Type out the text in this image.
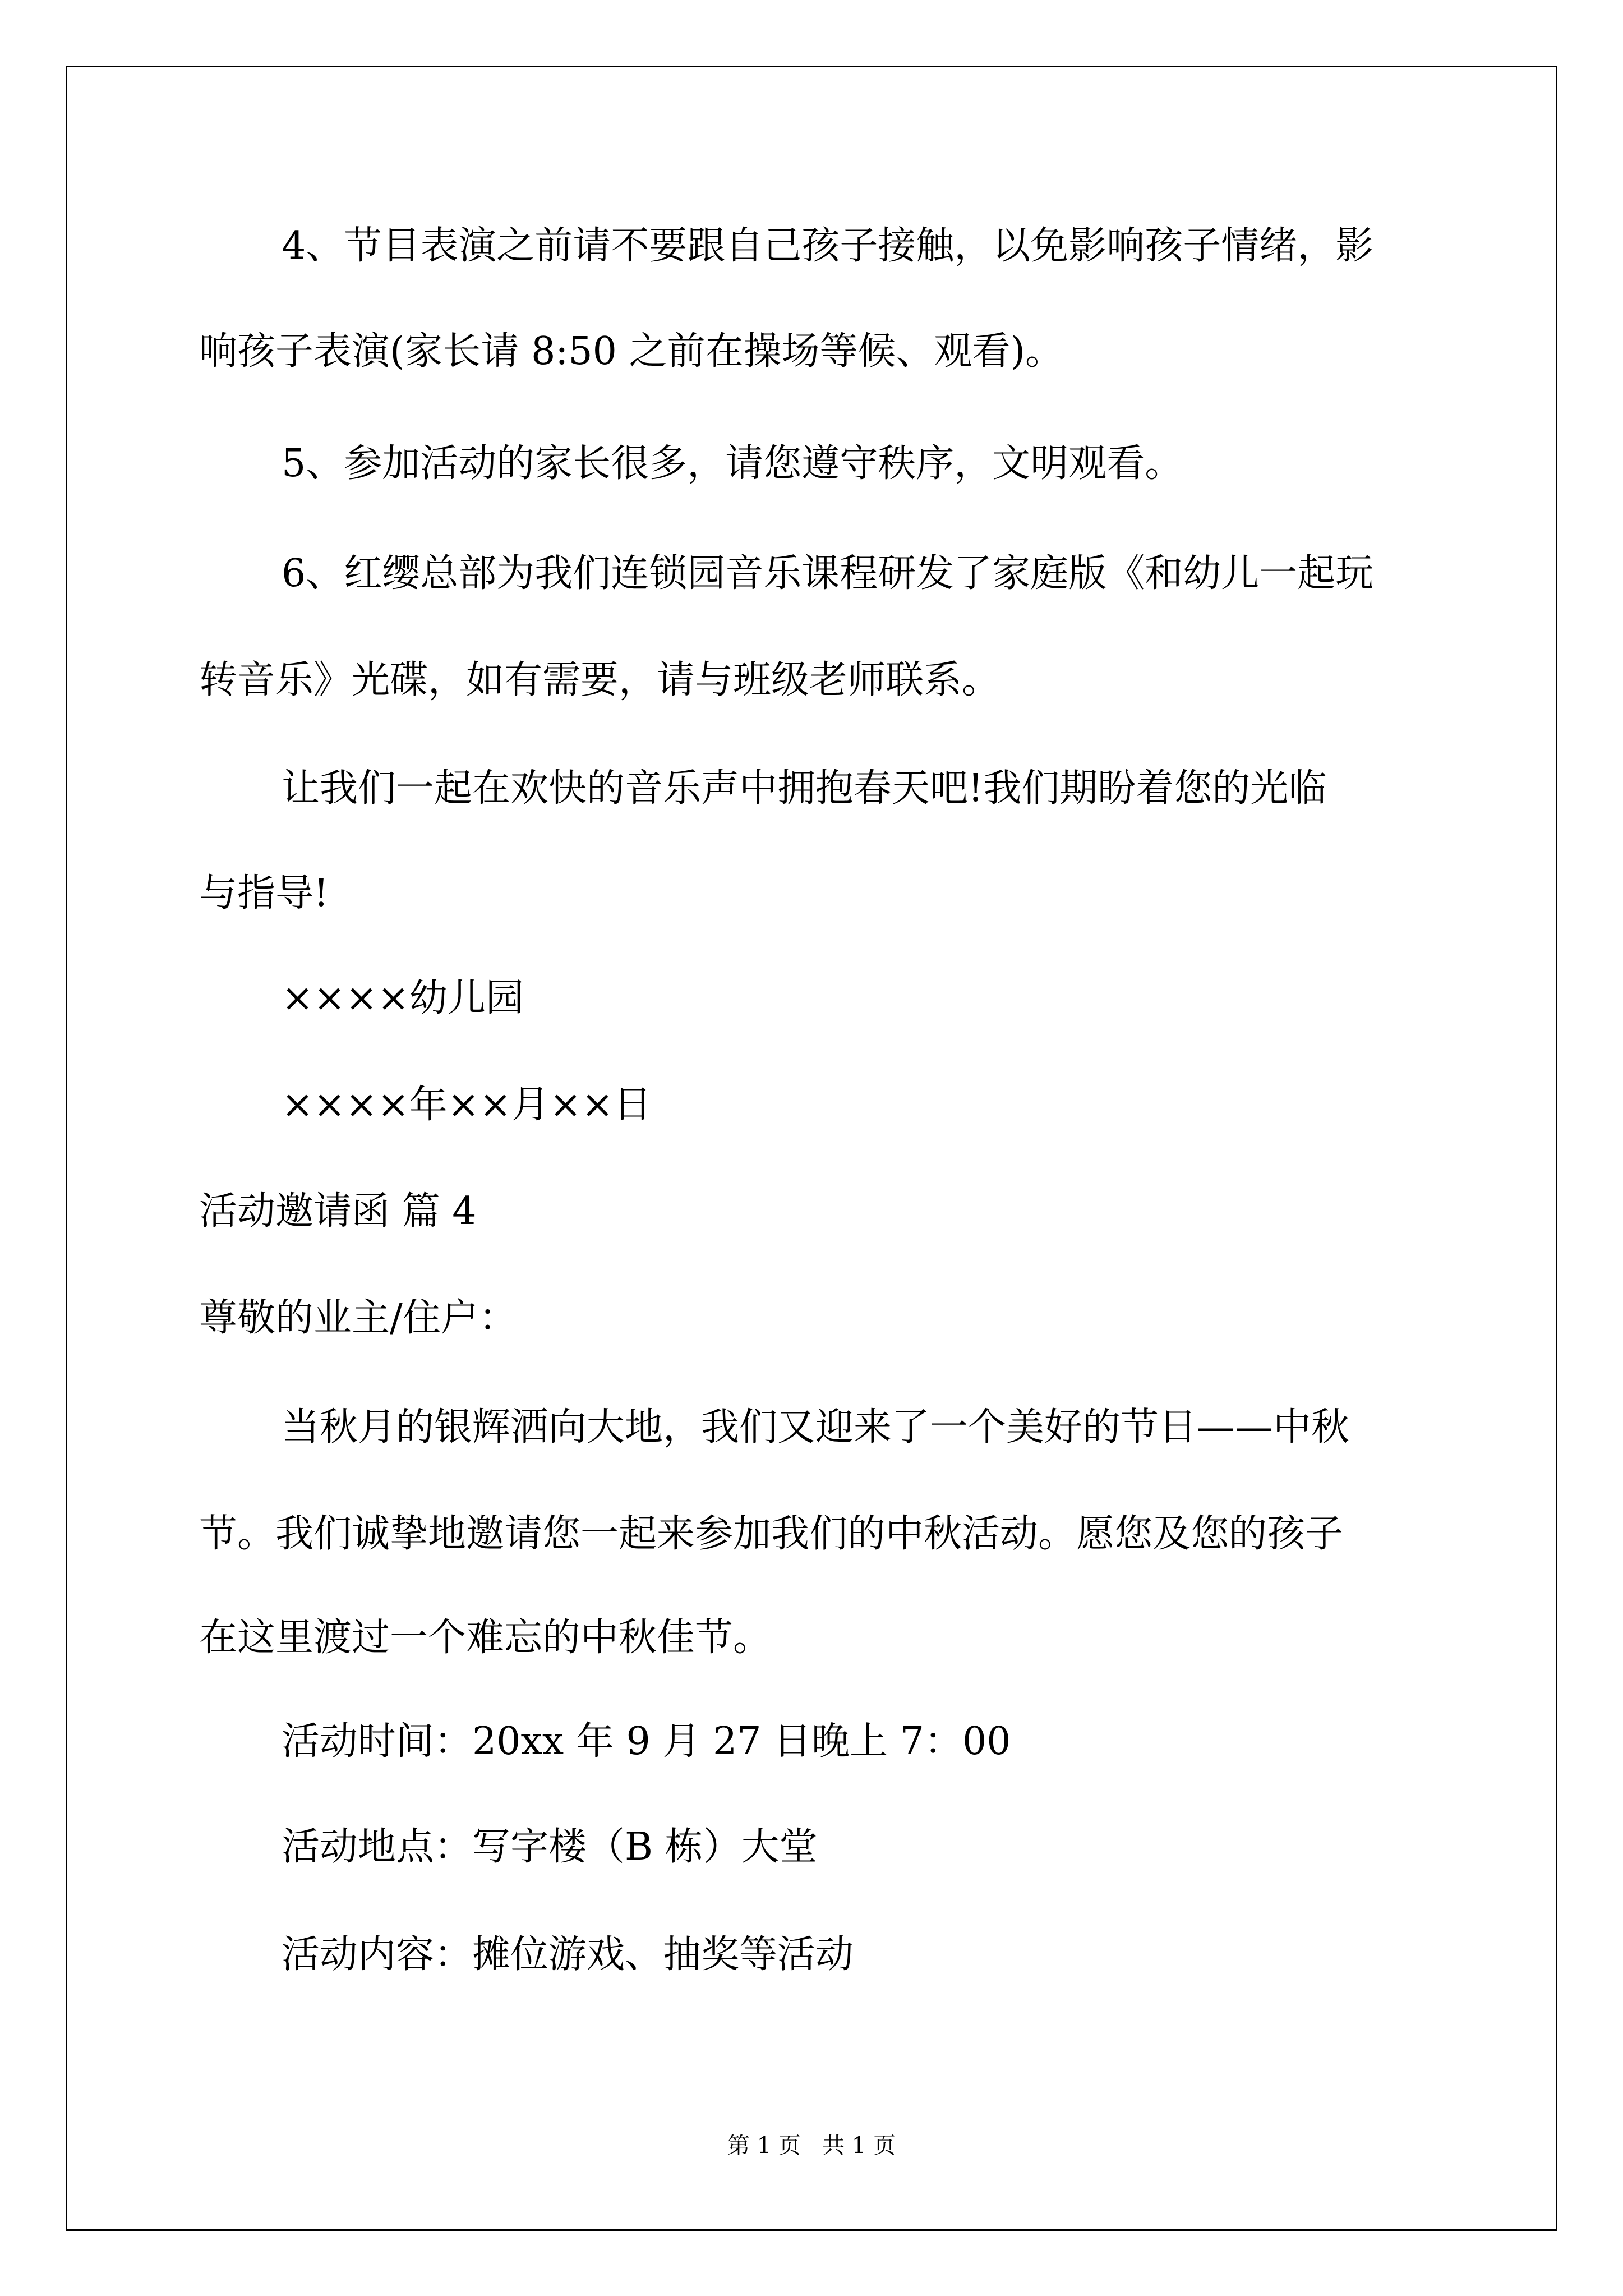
4、节目表演之前请不要跟自己孩子接触，以免影响孩子情绪，影
响孩子表演(家长请 8:50 之前在操场等候、观看)。
5、参加活动的家长很多，请您遵守秩序，文明观看。
6、红缨总部为我们连锁园音乐课程研发了家庭版《和幼儿一起玩
转音乐》光碟，如有需要，请与班级老师联系。
让我们一起在欢快的音乐声中拥抱春天吧!我们期盼着您的光临
与指导!
××××幼儿园
××××年××月××日
活动邀请函 篇 4
尊敬的业主/住户：
当秋月的银辉洒向大地，我们又迎来了一个美好的节日——中秋
节。我们诚挚地邀请您一起来参加我们的中秋活动。愿您及您的孩子
在这里渡过一个难忘的中秋佳节。
活动时间：20xx 年 9 月 27 日晚上 7：00
活动地点：写字楼（B 栋）大堂
活动内容：摊位游戏、抽奖等活动
第 1 页   共 1 页
